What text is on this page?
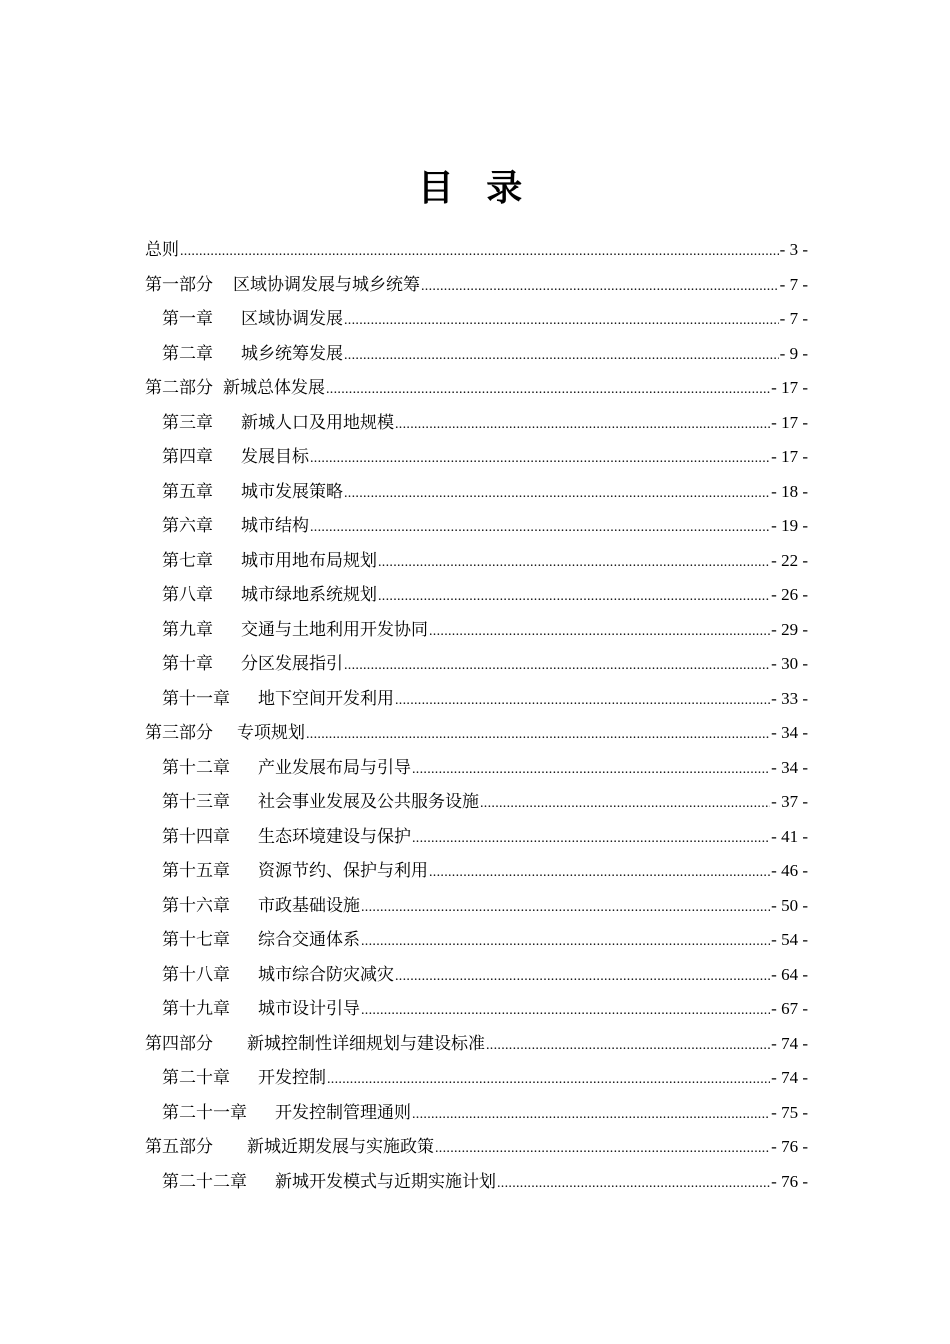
目 录
总则 .....	- 3 -
第一部分 区域协调发展与城乡统筹 .....	- 7 -
第一章 区域协调发展 .....	- 7 -
第二章 城乡统筹发展 .....	- 9 -
第二部分 新城总体发展 .....	- 17 -
第三章 新城人口及用地规模 .....	- 17 -
第四章 发展目标 .....	- 17 -
第五章 城市发展策略 .....	- 18 -
第六章 城市结构 .....	- 19 -
第七章 城市用地布局规划 .....	- 22 -
第八章 城市绿地系统规划 .....	- 26 -
第九章 交通与土地利用开发协同 .....	- 29 -
第十章 分区发展指引 .....	- 30 -
第十一章 地下空间开发利用 .....	- 33 -
第三部分 专项规划 .....	- 34 -
第十二章 产业发展布局与引导 .....	- 34 -
第十三章 社会事业发展及公共服务设施 .....	- 37 -
第十四章 生态环境建设与保护 .....	- 41 -
第十五章 资源节约、保护与利用 .....	- 46 -
第十六章 市政基础设施 .....	- 50 -
第十七章 综合交通体系 .....	- 54 -
第十八章 城市综合防灾减灾 .....	- 64 -
第十九章 城市设计引导 .....	- 67 -
第四部分 新城控制性详细规划与建设标准 .....	- 74 -
第二十章 开发控制 .....	- 74 -
第二十一章 开发控制管理通则 .....	- 75 -
第五部分 新城近期发展与实施政策 .....	- 76 -
第二十二章 新城开发模式与近期实施计划 .....	- 76 -
